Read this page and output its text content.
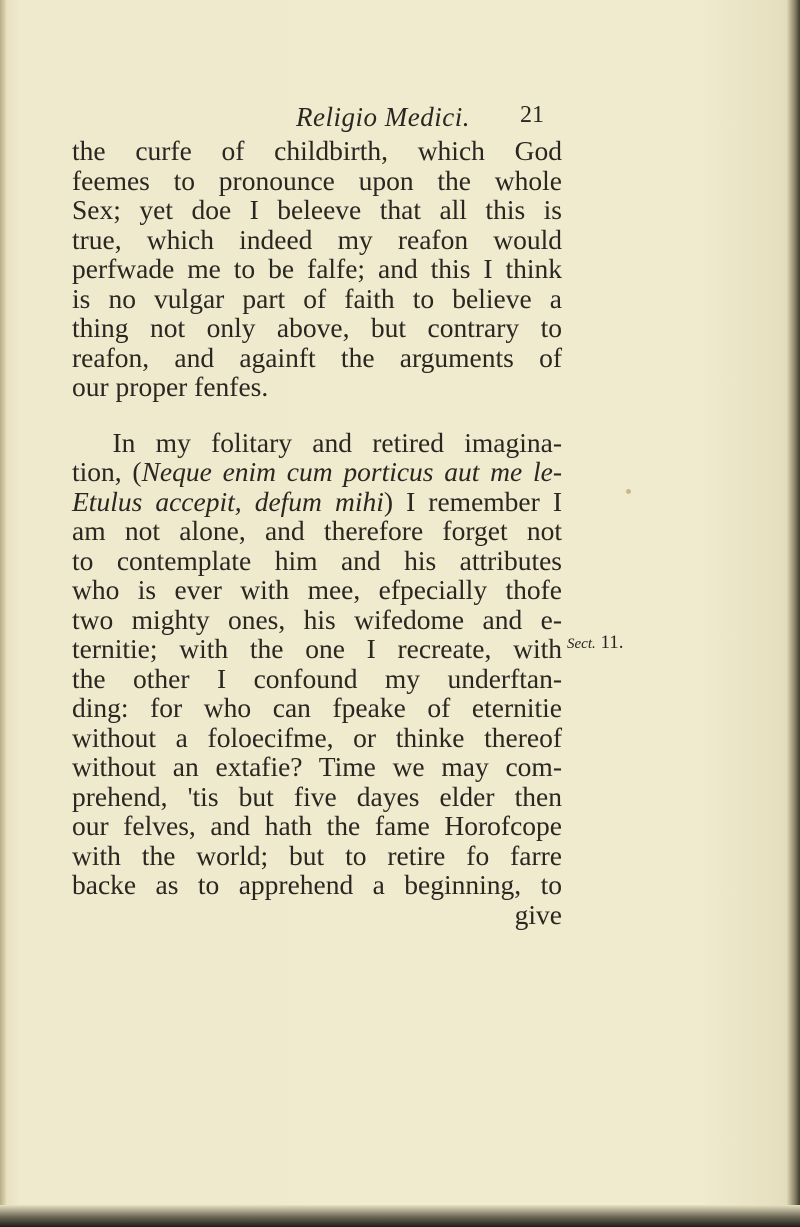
Religio Medici. 21
Sect. 11.
the curfe of childbirth, which God
feemes to pronounce upon the whole
Sex; yet doe I beleeve that all this is
true, which indeed my reafon would
perfwade me to be falfe; and this I think
is no vulgar part of faith to believe a
thing not only above, but contrary to
reafon, and againft the arguments of
our proper fenfes.
In my folitary and retired imagina-
tion, (Neque enim cum porticus aut me le-
Etulus accepit, defum mihi) I remember I
am not alone, and therefore forget not
to contemplate him and his attributes
who is ever with mee, efpecially thofe
two mighty ones, his wifedome and e-
ternitie; with the one I recreate, with
the other I confound my underftan-
ding: for who can fpeake of eternitie
without a foloecifme, or thinke thereof
without an extafie? Time we may com-
prehend, 'tis but five dayes elder then
our felves, and hath the fame Horofcope
with the world; but to retire fo farre
backe as to apprehend a beginning, to
give
